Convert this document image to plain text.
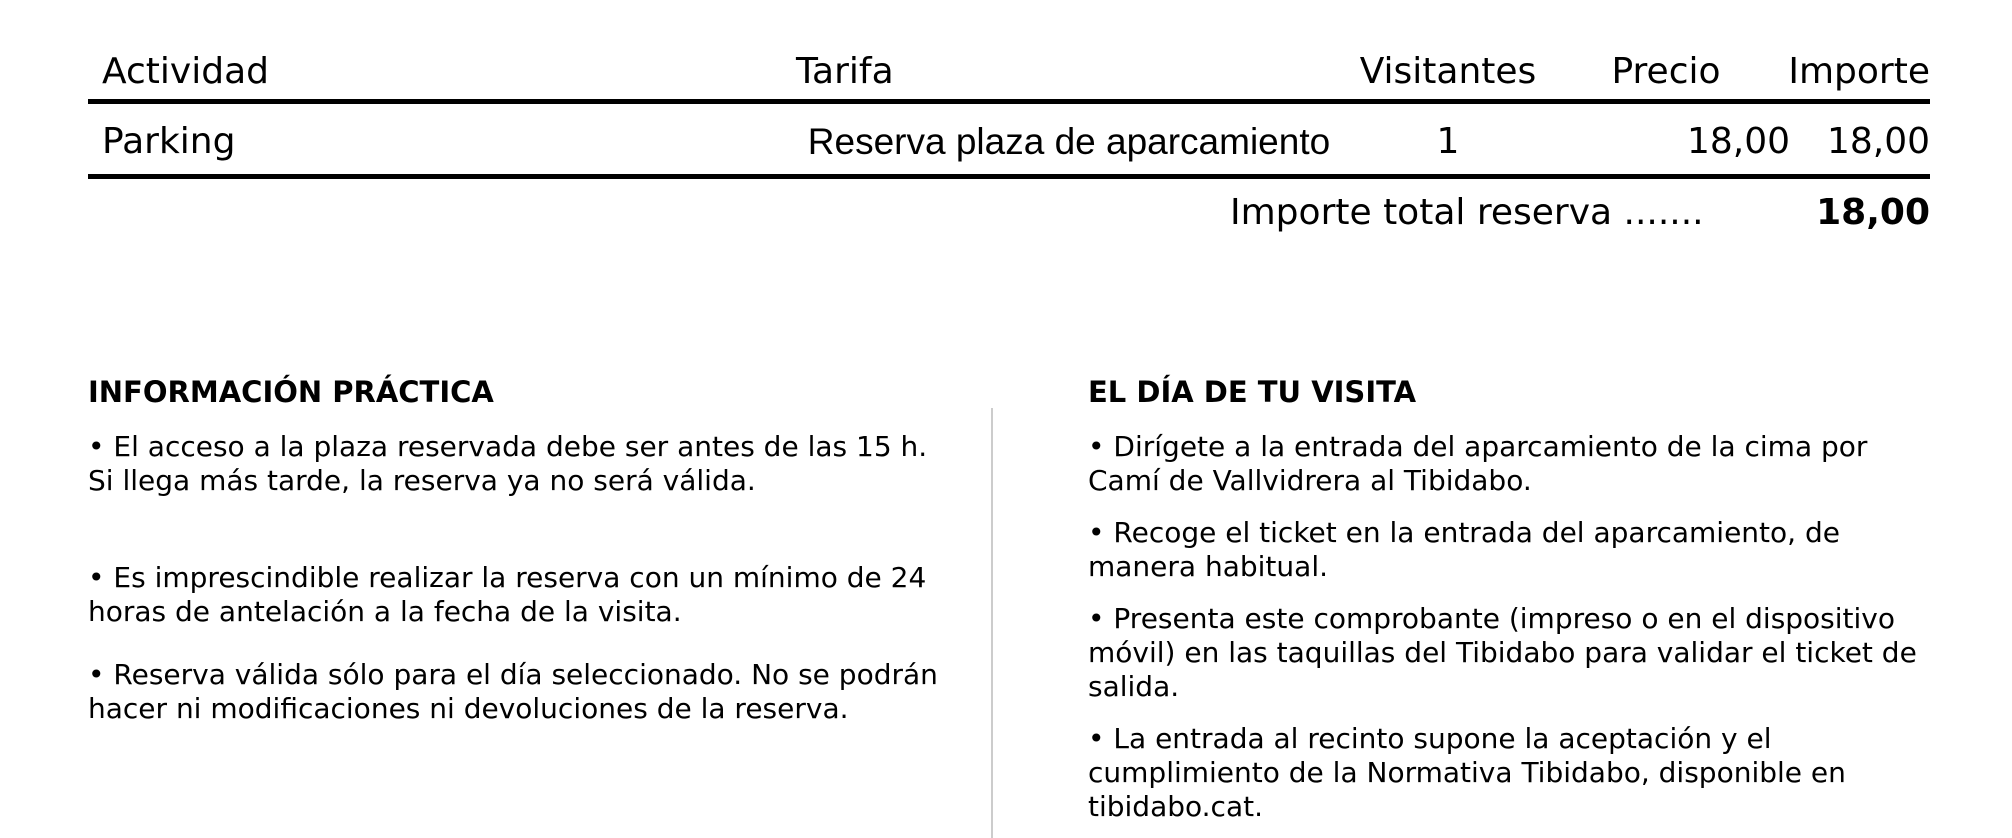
Actividad	Tarifa	Visitantes	Precio	Importe
Parking	Reserva plaza de aparcamiento	1	18,00 18,00
Importe total reserva .......	18,00
INFORMACIÓN PRÁCTICA

• El acceso a la plaza reservada debe ser antes de las 15 h. Si llega más tarde, la reserva ya no será válida.

• Es imprescindible realizar la reserva con un mínimo de 24 horas de antelación a la fecha de la visita.

• Reserva válida sólo para el día seleccionado. No se podrán hacer ni modificaciones ni devoluciones de la reserva.

EL DÍA DE TU VISITA

• Dirígete a la entrada del aparcamiento de la cima por Camí de Vallvidrera al Tibidabo.

• Recoge el ticket en la entrada del aparcamiento, de manera habitual.

• Presenta este comprobante (impreso o en el dispositivo móvil) en las taquillas del Tibidabo para validar el ticket de salida.

• La entrada al recinto supone la aceptación y el cumplimiento de la Normativa Tibidabo, disponible en tibidabo.cat.
